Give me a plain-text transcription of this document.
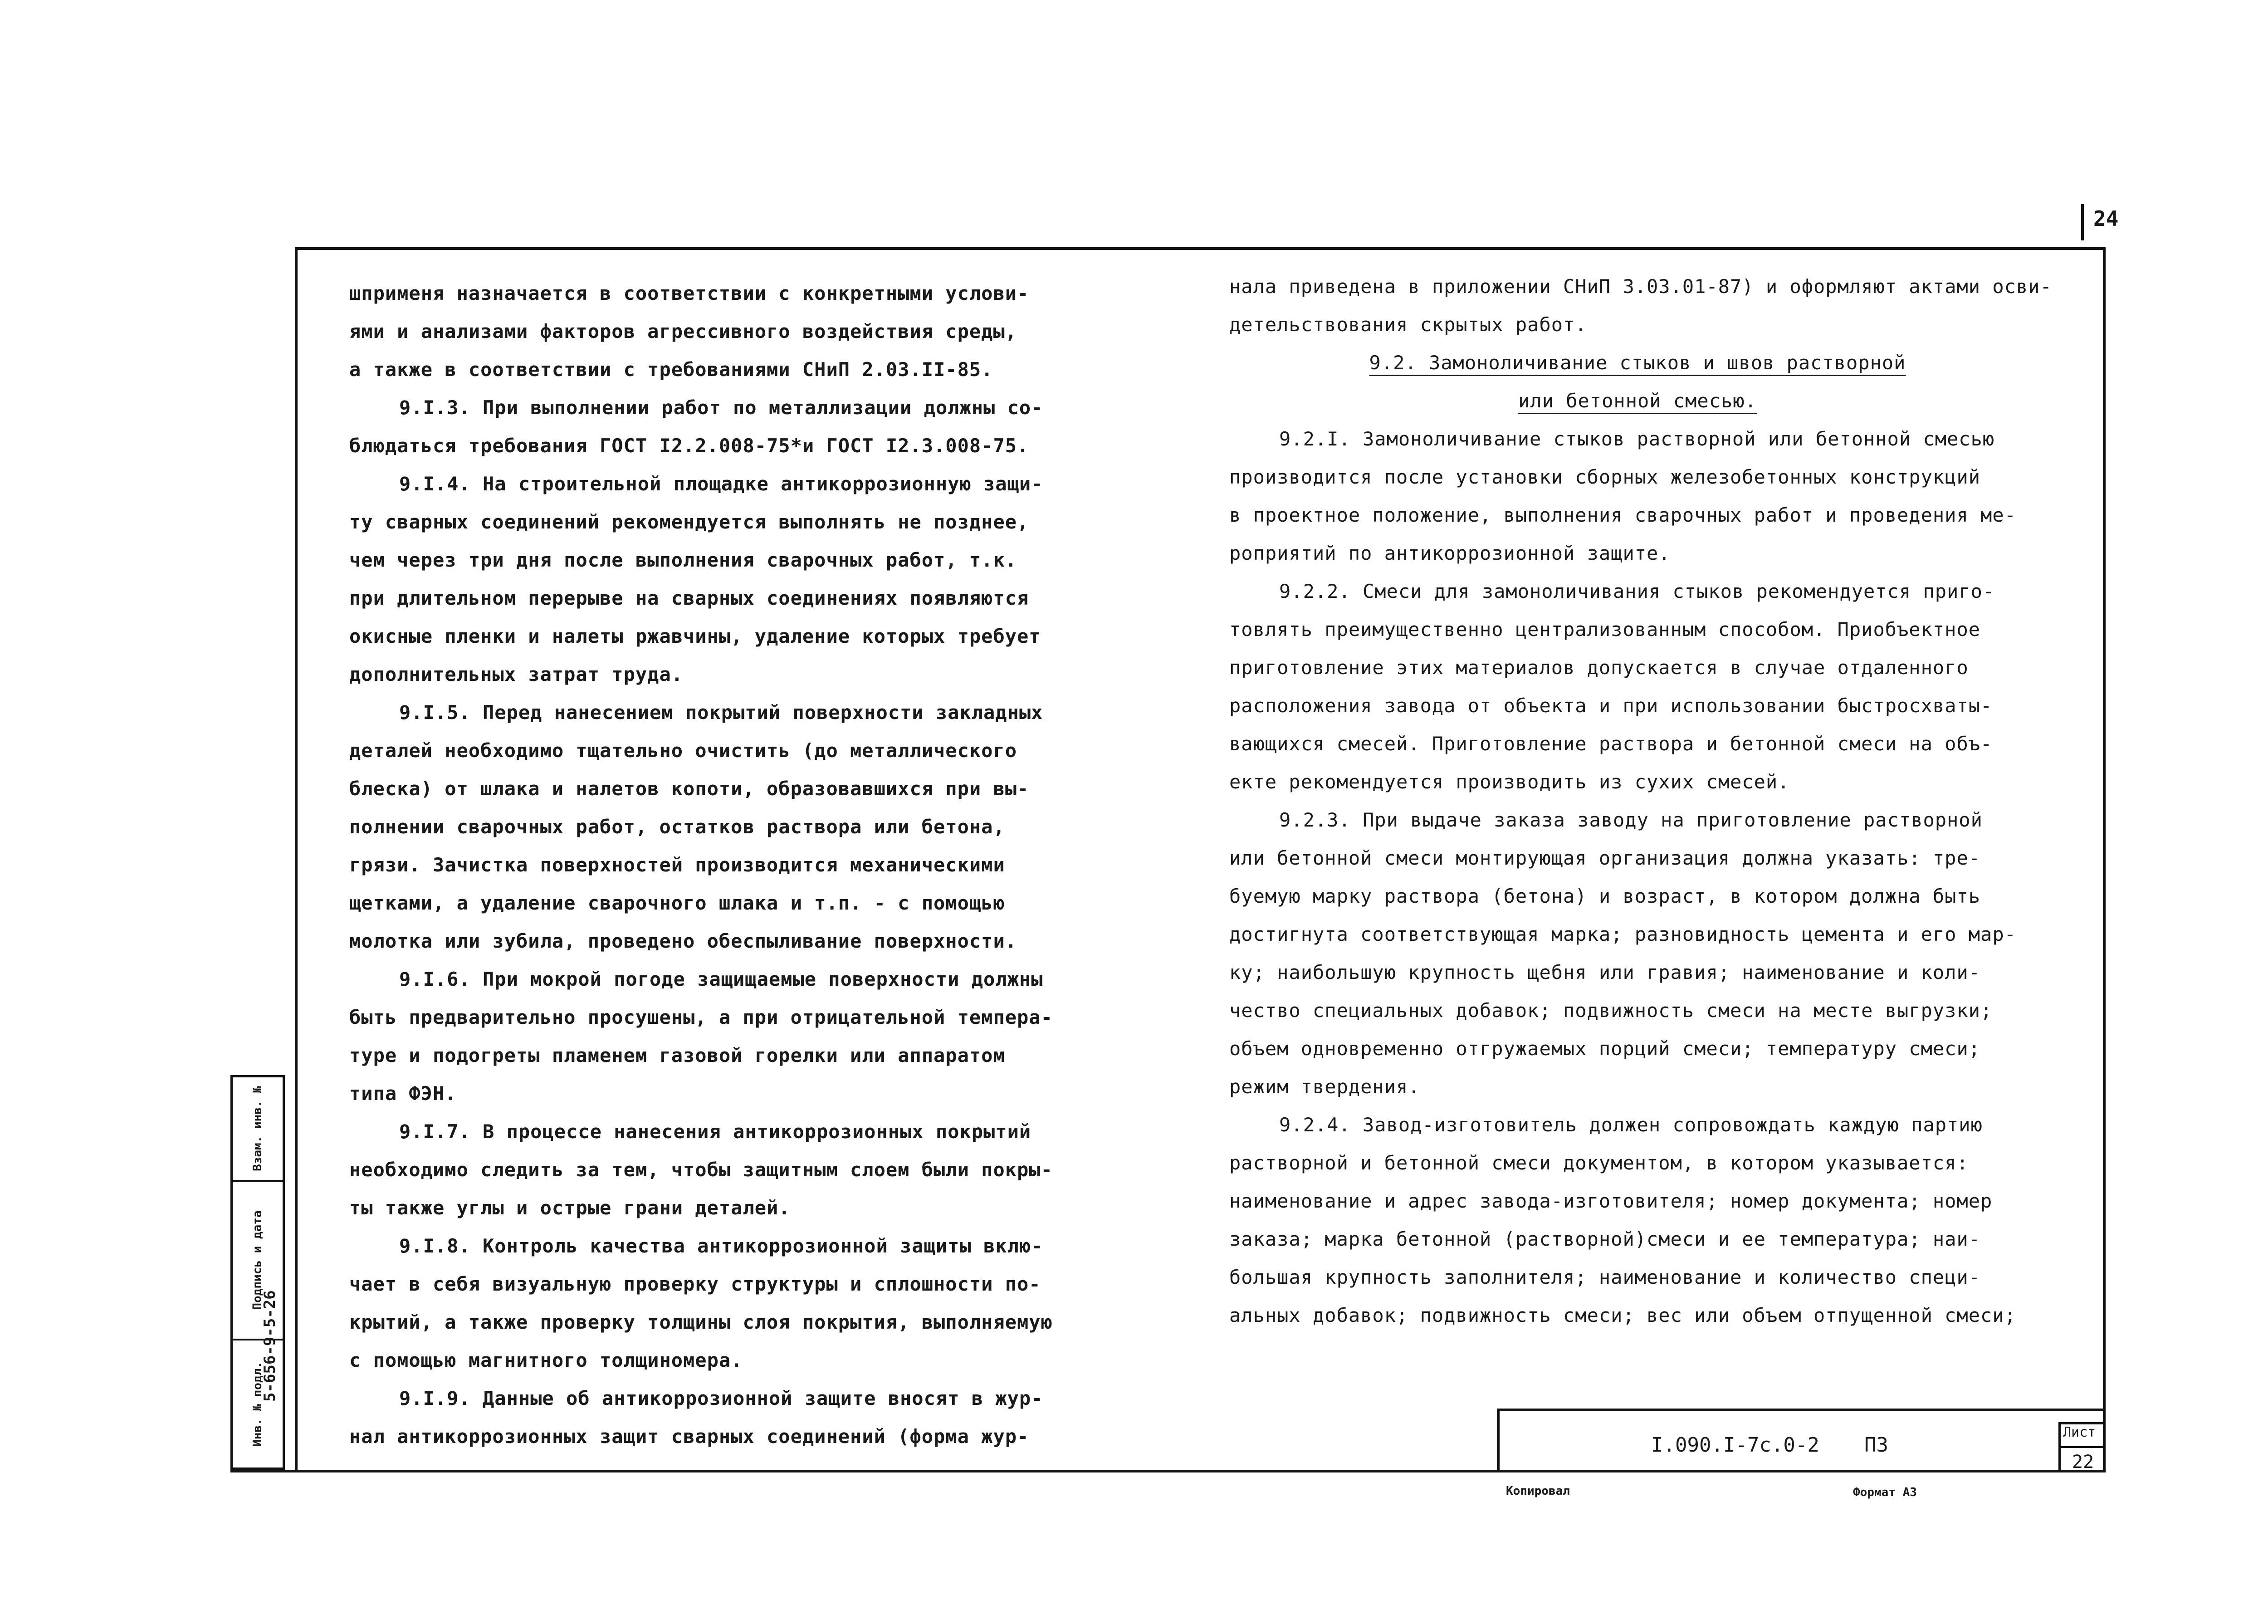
24
шприменя назначается в соответствии с конкретными услови-
ями и анализами факторов агрессивного воздействия среды,
а также в соответствии с требованиями СНиП 2.03.II-85.
9.I.3. При выполнении работ по металлизации должны со-
блюдаться требования ГОСТ I2.2.008-75*и ГОСТ I2.3.008-75.
9.I.4. На строительной площадке антикоррозионную защи-
ту сварных соединений рекомендуется выполнять не позднее,
чем через три дня после выполнения сварочных работ, т.к.
при длительном перерыве на сварных соединениях появляются
окисные пленки и налеты ржавчины, удаление которых требует
дополнительных затрат труда.
9.I.5. Перед нанесением покрытий поверхности закладных
деталей необходимо тщательно очистить (до металлического
блеска) от шлака и налетов копоти, образовавшихся при вы-
полнении сварочных работ, остатков раствора или бетона,
грязи. Зачистка поверхностей производится механическими
щетками, а удаление сварочного шлака и т.п. - с помощью
молотка или зубила, проведено обеспыливание поверхности.
9.I.6. При мокрой погоде защищаемые поверхности должны
быть предварительно просушены, а при отрицательной темпера-
туре и подогреты пламенем газовой горелки или аппаратом
типа ФЭН.
9.I.7. В процессе нанесения антикоррозионных покрытий
необходимо следить за тем, чтобы защитным слоем были покры-
ты также углы и острые грани деталей.
9.I.8. Контроль качества антикоррозионной защиты вклю-
чает в себя визуальную проверку структуры и сплошности по-
крытий, а также проверку толщины слоя покрытия, выполняемую
с помощью магнитного толщиномера.
9.I.9. Данные об антикоррозионной защите вносят в жур-
нал антикоррозионных защит сварных соединений (форма жур-
нала приведена в приложении СНиП 3.03.01-87) и оформляют актами осви-
детельствования скрытых работ.
9.2. Замоноличивание стыков и швов растворной
или бетонной смесью.
9.2.I. Замоноличивание стыков растворной или бетонной смесью
производится после установки сборных железобетонных конструкций
в проектное положение, выполнения сварочных работ и проведения ме-
роприятий по антикоррозионной защите.
9.2.2. Смеси для замоноличивания стыков рекомендуется приго-
товлять преимущественно централизованным способом. Приобъектное
приготовление этих материалов допускается в случае отдаленного
расположения завода от объекта и при использовании быстросхваты-
вающихся смесей. Приготовление раствора и бетонной смеси на объ-
екте рекомендуется производить из сухих смесей.
9.2.3. При выдаче заказа заводу на приготовление растворной
или бетонной смеси монтирующая организация должна указать: тре-
буемую марку раствора (бетона) и возраст, в котором должна быть
достигнута соответствующая марка; разновидность цемента и его мар-
ку; наибольшую крупность щебня или гравия; наименование и коли-
чество специальных добавок; подвижность смеси на месте выгрузки;
объем одновременно отгружаемых порций смеси; температуру смеси;
режим твердения.
9.2.4. Завод-изготовитель должен сопровождать каждую партию
растворной и бетонной смеси документом, в котором указывается:
наименование и адрес завода-изготовителя; номер документа; номер
заказа; марка бетонной (растворной)смеси и ее температура; наи-
большая крупность заполнителя; наименование и количество специ-
альных добавок; подвижность смеси; вес или объем отпущенной смеси;
Взам. инв. №
Подпись и дата
Инв. № подл.
5-656-9-5-26
I.090.I-7с.0-2 ПЗ
Лист
22
Копировал	Формат А3
